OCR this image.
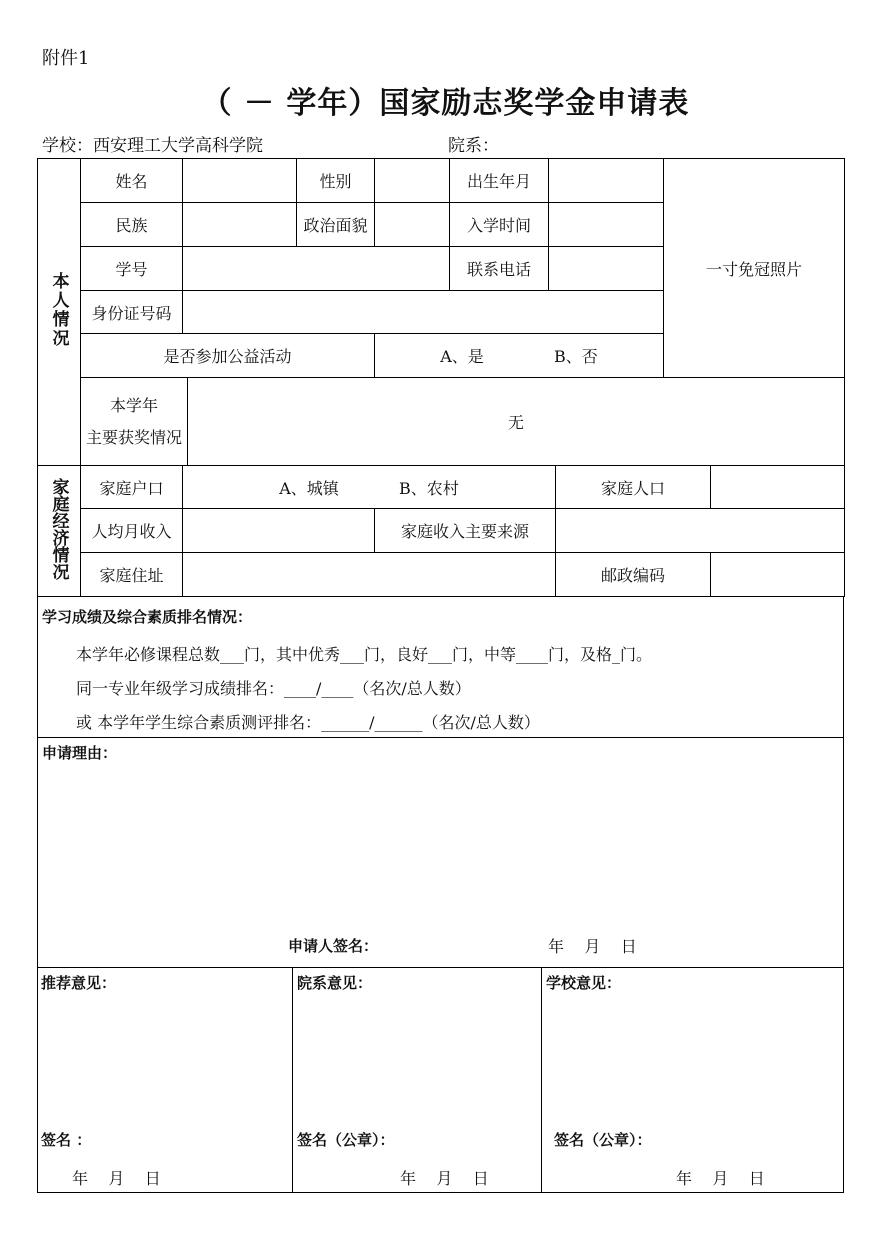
附件1
（ － 学年）国家励志奖学金申请表
学校：西安理工大学高科学院	院系：
本人情况	姓名			性别		出生年月			一寸免冠照片	
	民族			政治面貌		入学时间				
	学号					联系电话				
	身份证号码									
	是否参加公益活动				A、是 B、否					

	本学年
主要获奖情况		无							
家庭经济情况	家庭户口	A、城镇 B、农村						家庭人口		
	人均月收入				家庭收入主要来源					
	家庭住址							邮政编码		
学习成绩及综合素质排名情况：
本学年必修课程总数___门，其中优秀___门，良好___门，中等____门，及格_门。
同一专业年级学习成绩排名：____/____（名次/总人数）
或 本学年学生综合素质测评排名：______/______（名次/总人数）
申请理由：
申请人签名：	年    月    日
推荐意见：
签名 ：
年    月    日
院系意见：
签名（公章）：
年    月    日
学校意见：
签名（公章）：
年    月    日
